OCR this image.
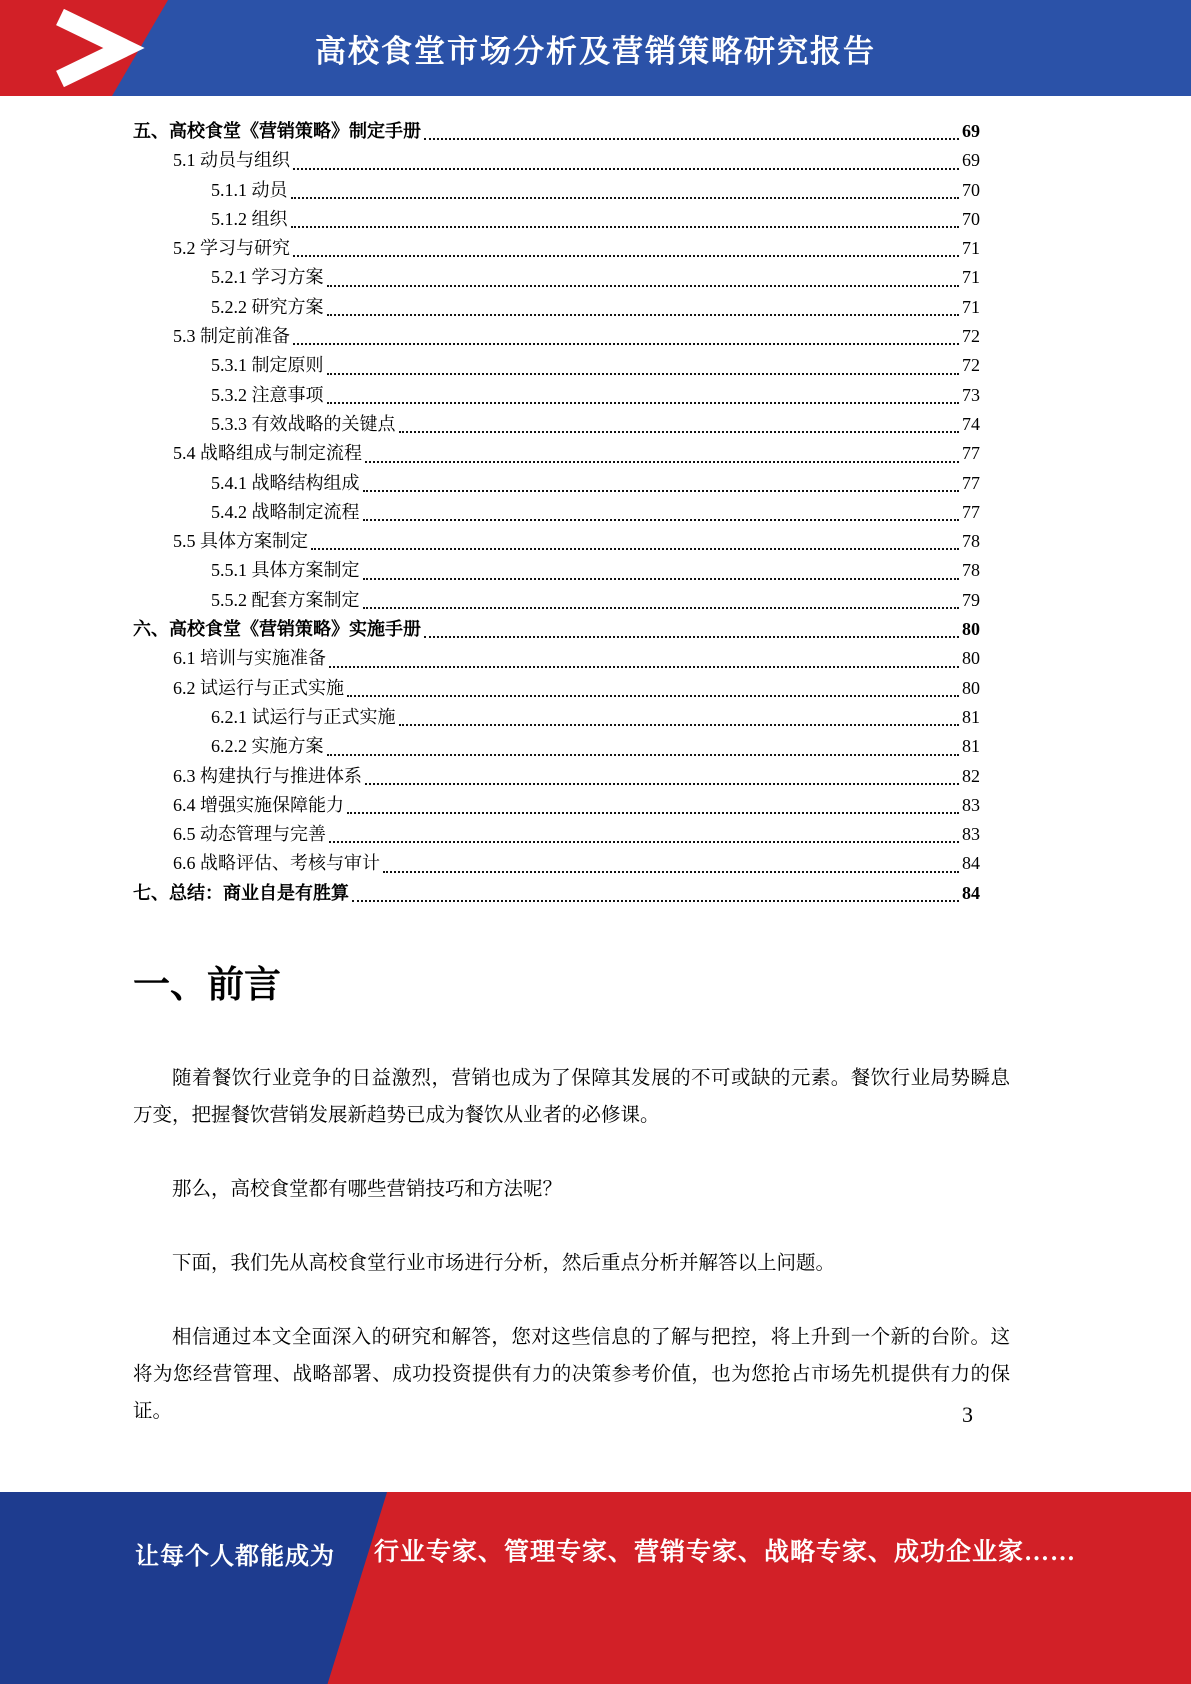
高校食堂市场分析及营销策略研究报告
五、高校食堂《营销策略》制定手册	69
5.1 动员与组织	69
5.1.1 动员	70
5.1.2 组织	70
5.2 学习与研究	71
5.2.1 学习方案	71
5.2.2 研究方案	71
5.3 制定前准备	72
5.3.1 制定原则	72
5.3.2 注意事项	73
5.3.3 有效战略的关键点	74
5.4 战略组成与制定流程	77
5.4.1 战略结构组成	77
5.4.2 战略制定流程	77
5.5 具体方案制定	78
5.5.1 具体方案制定	78
5.5.2 配套方案制定	79
六、高校食堂《营销策略》实施手册	80
6.1 培训与实施准备	80
6.2 试运行与正式实施	80
6.2.1 试运行与正式实施	81
6.2.2 实施方案	81
6.3 构建执行与推进体系	82
6.4 增强实施保障能力	83
6.5 动态管理与完善	83
6.6 战略评估、考核与审计	84
七、总结：商业自是有胜算	84
一、前言

随着餐饮行业竞争的日益激烈，营销也成为了保障其发展的不可或缺的元素。餐饮行业局势瞬息万变，把握餐饮营销发展新趋势已成为餐饮从业者的必修课。

那么，高校食堂都有哪些营销技巧和方法呢？

下面，我们先从高校食堂行业市场进行分析，然后重点分析并解答以上问题。

相信通过本文全面深入的研究和解答，您对这些信息的了解与把控，将上升到一个新的台阶。这将为您经营管理、战略部署、成功投资提供有力的决策参考价值，也为您抢占市场先机提供有力的保证。	3
让每个人都能成为 行业专家、管理专家、营销专家、战略专家、成功企业家……
